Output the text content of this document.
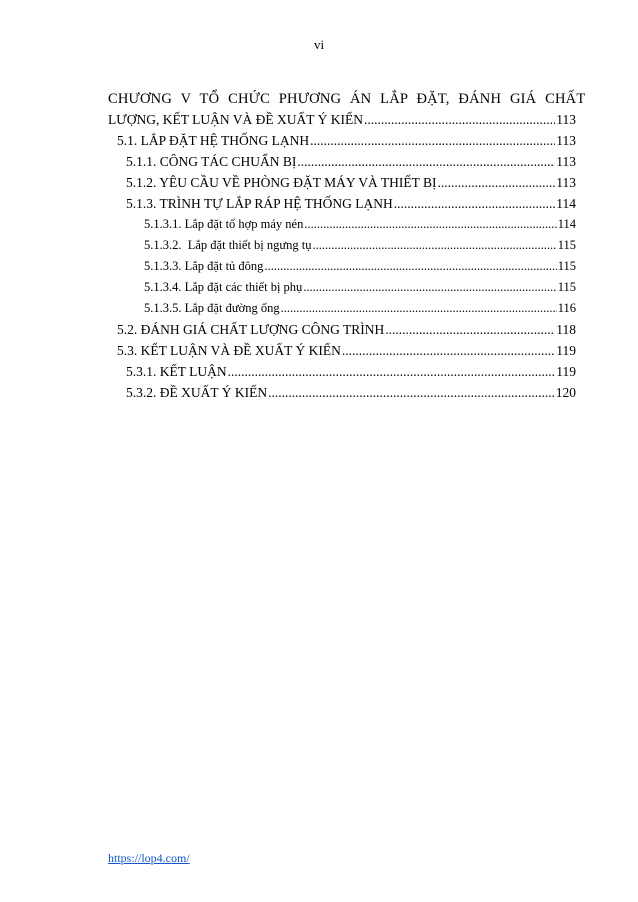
vi
CHƯƠNG V TỔ CHỨC PHƯƠNG ÁN LẮP ĐẶT, ĐÁNH GIÁ CHẤT
LƯỢNG, KẾT LUẬN VÀ ĐỀ XUẤT Ý KIẾN .....	113
5.1. LẮP ĐẶT HỆ THỐNG LẠNH .....	113
5.1.1. CÔNG TÁC CHUẨN BỊ .....	113
5.1.2. YÊU CẦU VỀ PHÒNG ĐẶT MÁY VÀ THIẾT BỊ .....	113
5.1.3. TRÌNH TỰ LẮP RÁP HỆ THỐNG LẠNH .....	114
5.1.3.1. Lắp đặt tổ hợp máy nén .....	114
5.1.3.2.  Lắp đặt thiết bị ngưng tụ .....	115
5.1.3.3. Lắp đặt tủ đông .....	115
5.1.3.4. Lắp đặt các thiết bị phụ .....	115
5.1.3.5. Lắp đặt đường ống .....	116
5.2. ĐÁNH GIÁ CHẤT LƯỢNG CÔNG TRÌNH .....	118
5.3. KẾT LUẬN VÀ ĐỀ XUẤT Ý KIẾN .....	119
5.3.1. KẾT LUẬN .....	119
5.3.2. ĐỀ XUẤT Ý KIẾN .....	120
https://lop4.com/
